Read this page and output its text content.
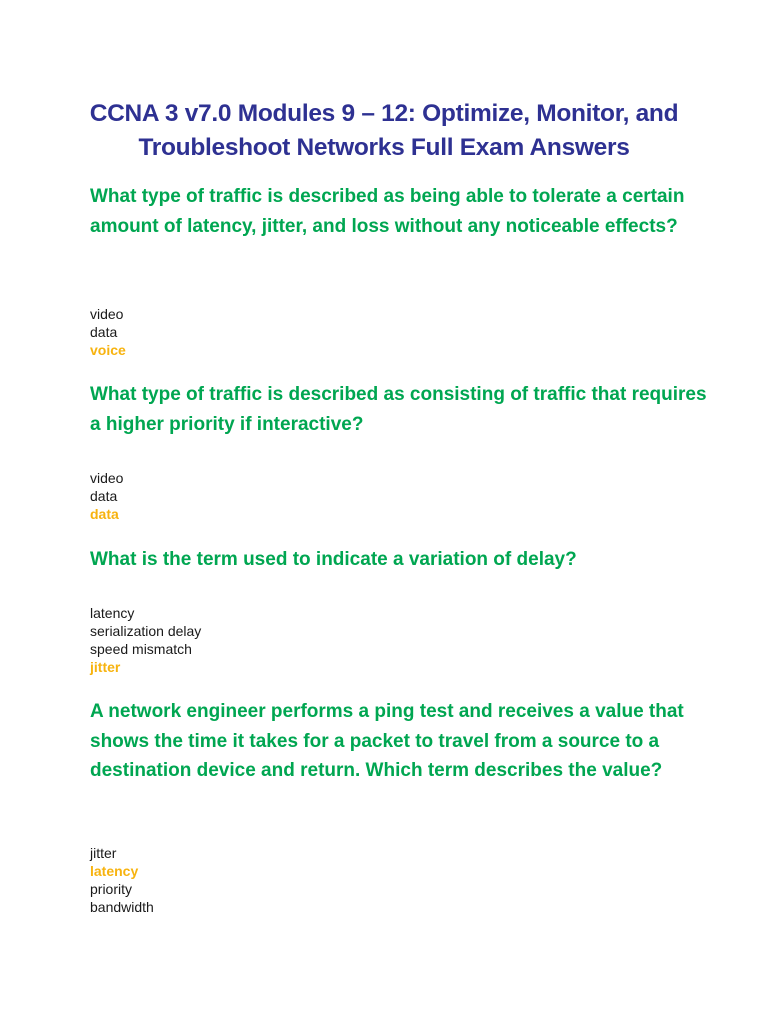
CCNA 3 v7.0 Modules 9 – 12: Optimize, Monitor, and Troubleshoot Networks Full Exam Answers

What type of traffic is described as being able to tolerate a certain amount of latency, jitter, and loss without any noticeable effects?

video
data
voice

What type of traffic is described as consisting of traffic that requires a higher priority if interactive?

video
data
data

What is the term used to indicate a variation of delay?

latency
serialization delay
speed mismatch
jitter

A network engineer performs a ping test and receives a value that shows the time it takes for a packet to travel from a source to a destination device and return. Which term describes the value?

jitter
latency
priority
bandwidth
